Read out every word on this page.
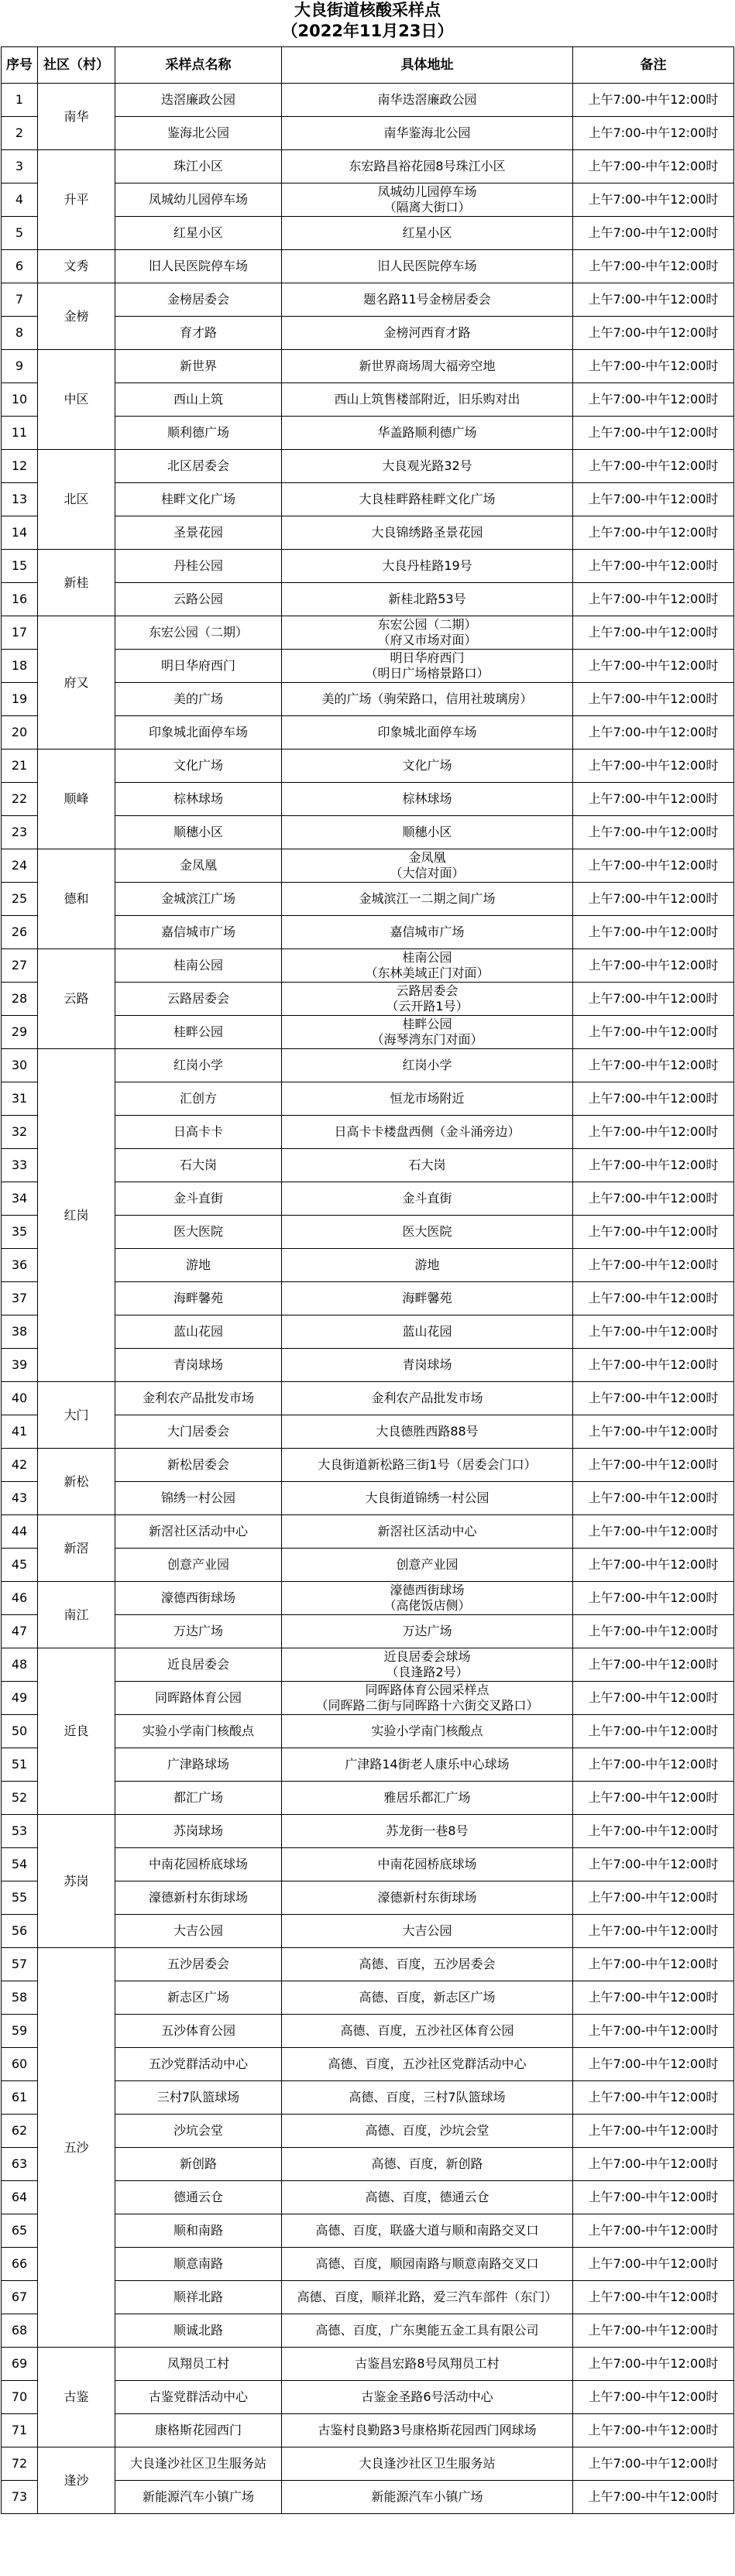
大良街道核酸采样点
（2022年11月23日）
序号	社区（村）	采样点名称	具体地址	备注
1	南华	迭滘廉政公园	南华迭滘廉政公园	上午7:00-中午12:00时
2		鉴海北公园	南华鉴海北公园	上午7:00-中午12:00时
3	升平	珠江小区	东宏路昌裕花园8号珠江小区	上午7:00-中午12:00时
4		凤城幼儿园停车场	凤城幼儿园停车场
（隔离大街口）	上午7:00-中午12:00时
5		红星小区	红星小区	上午7:00-中午12:00时
6	文秀	旧人民医院停车场	旧人民医院停车场	上午7:00-中午12:00时
7	金榜	金榜居委会	题名路11号金榜居委会	上午7:00-中午12:00时
8		育才路	金榜河西育才路	上午7:00-中午12:00时
9	中区	新世界	新世界商场周大福旁空地	上午7:00-中午12:00时
10		西山上筑	西山上筑售楼部附近，旧乐购对出	上午7:00-中午12:00时
11		顺利德广场	华盖路顺利德广场	上午7:00-中午12:00时
12	北区	北区居委会	大良观光路32号	上午7:00-中午12:00时
13		桂畔文化广场	大良桂畔路桂畔文化广场	上午7:00-中午12:00时
14		圣景花园	大良锦绣路圣景花园	上午7:00-中午12:00时
15	新桂	丹桂公园	大良丹桂路19号	上午7:00-中午12:00时
16		云路公园	新桂北路53号	上午7:00-中午12:00时
17	府又	东宏公园（二期）	东宏公园（二期）
（府又市场对面）	上午7:00-中午12:00时
18		明日华府西门	明日华府西门
（明日广场榕景路口）	上午7:00-中午12:00时
19		美的广场	美的广场（驹荣路口，信用社玻璃房）	上午7:00-中午12:00时
20		印象城北面停车场	印象城北面停车场	上午7:00-中午12:00时
21	顺峰	文化广场	文化广场	上午7:00-中午12:00时
22		棕林球场	棕林球场	上午7:00-中午12:00时
23		顺穗小区	顺穗小区	上午7:00-中午12:00时
24	德和	金凤凰	金凤凰
（大信对面）	上午7:00-中午12:00时
25		金城滨江广场	金城滨江一二期之间广场	上午7:00-中午12:00时
26		嘉信城市广场	嘉信城市广场	上午7:00-中午12:00时
27	云路	桂南公园	桂南公园
（东林美域正门对面）	上午7:00-中午12:00时
28		云路居委会	云路居委会
（云开路1号）	上午7:00-中午12:00时
29		桂畔公园	桂畔公园
（海琴湾东门对面）	上午7:00-中午12:00时
30	红岗	红岗小学	红岗小学	上午7:00-中午12:00时
31		汇创方	恒龙市场附近	上午7:00-中午12:00时
32		日高卡卡	日高卡卡楼盘西侧（金斗涌旁边）	上午7:00-中午12:00时
33		石大岗	石大岗	上午7:00-中午12:00时
34		金斗直街	金斗直街	上午7:00-中午12:00时
35		医大医院	医大医院	上午7:00-中午12:00时
36		游地	游地	上午7:00-中午12:00时
37		海畔馨苑	海畔馨苑	上午7:00-中午12:00时
38		蓝山花园	蓝山花园	上午7:00-中午12:00时
39		青岗球场	青岗球场	上午7:00-中午12:00时
40	大门	金利农产品批发市场	金利农产品批发市场	上午7:00-中午12:00时
41		大门居委会	大良德胜西路88号	上午7:00-中午12:00时
42	新松	新松居委会	大良街道新松路三街1号（居委会门口）	上午7:00-中午12:00时
43		锦绣一村公园	大良街道锦绣一村公园	上午7:00-中午12:00时
44	新滘	新滘社区活动中心	新滘社区活动中心	上午7:00-中午12:00时
45		创意产业园	创意产业园	上午7:00-中午12:00时
46	南江	濠德西街球场	濠德西街球场
（高佬饭店侧）	上午7:00-中午12:00时
47		万达广场	万达广场	上午7:00-中午12:00时
48	近良	近良居委会	近良居委会球场
（良逢路2号）	上午7:00-中午12:00时
49		同晖路体育公园	同晖路体育公园采样点
（同晖路二街与同晖路十六街交叉路口）	上午7:00-中午12:00时
50		实验小学南门核酸点	实验小学南门核酸点	上午7:00-中午12:00时
51		广津路球场	广津路14街老人康乐中心球场	上午7:00-中午12:00时
52		都汇广场	雅居乐都汇广场	上午7:00-中午12:00时
53	苏岗	苏岗球场	苏龙街一巷8号	上午7:00-中午12:00时
54		中南花园桥底球场	中南花园桥底球场	上午7:00-中午12:00时
55		濠德新村东街球场	濠德新村东街球场	上午7:00-中午12:00时
56		大吉公园	大吉公园	上午7:00-中午12:00时
57	五沙	五沙居委会	高德、百度，五沙居委会	上午7:00-中午12:00时
58		新志区广场	高德、百度，新志区广场	上午7:00-中午12:00时
59		五沙体育公园	高德、百度，五沙社区体育公园	上午7:00-中午12:00时
60		五沙党群活动中心	高德、百度，五沙社区党群活动中心	上午7:00-中午12:00时
61		三村7队篮球场	高德、百度，三村7队篮球场	上午7:00-中午12:00时
62		沙坑会堂	高德、百度，沙坑会堂	上午7:00-中午12:00时
63		新创路	高德、百度，新创路	上午7:00-中午12:00时
64		德通云仓	高德、百度，德通云仓	上午7:00-中午12:00时
65		顺和南路	高德、百度，联盛大道与顺和南路交叉口	上午7:00-中午12:00时
66		顺意南路	高德、百度，顺园南路与顺意南路交叉口	上午7:00-中午12:00时
67		顺祥北路	高德、百度，顺祥北路，爱三汽车部件（东门）	上午7:00-中午12:00时
68		顺诚北路	高德、百度，广东奥能五金工具有限公司	上午7:00-中午12:00时
69	古鉴	凤翔员工村	古鉴昌宏路8号凤翔员工村	上午7:00-中午12:00时
70		古鉴党群活动中心	古鉴金圣路6号活动中心	上午7:00-中午12:00时
71		康格斯花园西门	古鉴村良勤路3号康格斯花园西门网球场	上午7:00-中午12:00时
72	逢沙	大良逢沙社区卫生服务站	大良逢沙社区卫生服务站	上午7:00-中午12:00时
73		新能源汽车小镇广场	新能源汽车小镇广场	上午7:00-中午12:00时
